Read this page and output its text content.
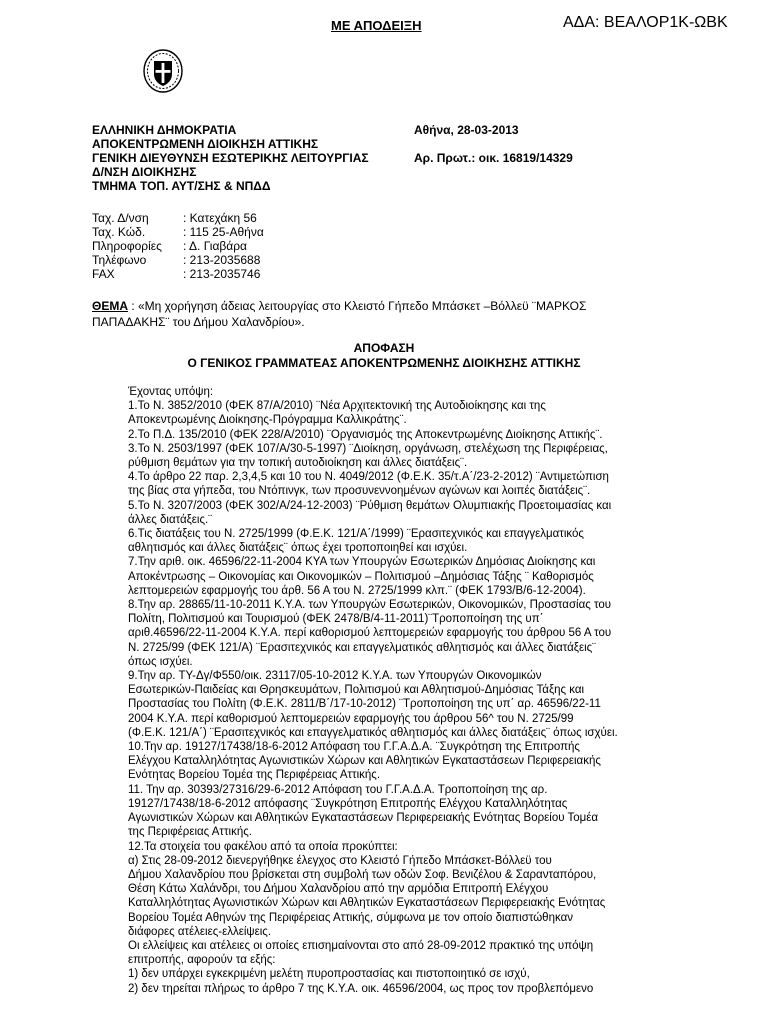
ΜΕ ΑΠΟΔΕΙΞΗ	ΑΔΑ: ΒΕΑΛΟΡ1Κ-ΩΒΚ
ΕΛΛΗΝΙΚΗ ΔΗΜΟΚΡΑΤΙΑ
ΑΠΟΚΕΝΤΡΩΜΕΝΗ ΔΙΟΙΚΗΣΗ ΑΤΤΙΚΗΣ
ΓΕΝΙΚΗ ΔΙΕΥΘΥΝΣΗ ΕΣΩΤΕΡΙΚΗΣ ΛΕΙΤΟΥΡΓΙΑΣ
Δ/ΝΣΗ ΔΙΟΙΚΗΣΗΣ
ΤΜΗΜΑ ΤΟΠ. ΑΥΤ/ΣΗΣ & ΝΠΔΔ
Αθήνα, 28-03-2013
Αρ. Πρωτ.: οικ. 16819/14329
Ταχ. Δ/νση
Ταχ. Κώδ.
Πληροφορίες
Τηλέφωνο
FAX
: Κατεχάκη 56
: 115 25-Αθήνα
: Δ. Γιαβάρα
: 213-2035688
: 213-2035746
ΘΕΜΑ : «Μη χορήγηση άδειας λειτουργίας στο Κλειστό Γήπεδο Μπάσκετ –Βόλλεϋ ¨ΜΑΡΚΟΣ
ΠΑΠΑΔΑΚΗΣ¨ του Δήμου Χαλανδρίου».
ΑΠΟΦΑΣΗ
Ο ΓΕΝΙΚΟΣ ΓΡΑΜΜΑΤΕΑΣ ΑΠΟΚΕΝΤΡΩΜΕΝΗΣ ΔΙΟΙΚΗΣΗΣ ΑΤΤΙΚΗΣ
Έχοντας υπόψη:
1.Το Ν. 3852/2010 (ΦΕΚ 87/Α/2010) ¨Νέα Αρχιτεκτονική της Αυτοδιοίκησης και της
Αποκεντρωμένης Διοίκησης-Πρόγραμμα Καλλικράτης¨.
2.Το Π.Δ. 135/2010 (ΦΕΚ 228/Α/2010) ¨Οργανισμός της Αποκεντρωμένης Διοίκησης Αττικής¨.
3.Το Ν. 2503/1997 (ΦΕΚ 107/Α/30-5-1997) ¨Διοίκηση, οργάνωση, στελέχωση της Περιφέρειας,
ρύθμιση θεμάτων για την τοπική αυτοδιοίκηση και άλλες διατάξεις¨.
4.Το άρθρο 22 παρ. 2,3,4,5 και 10 του Ν. 4049/2012 (Φ.Ε.Κ. 35/τ.Α΄/23-2-2012) ¨Αντιμετώπιση
της βίας στα γήπεδα, του Ντόπινγκ, των προσυνεννοημένων αγώνων και λοιπές διατάξεις¨.
5.Το Ν. 3207/2003 (ΦΕΚ 302/Α/24-12-2003) ¨Ρύθμιση θεμάτων Ολυμπιακής Προετοιμασίας και
άλλες διατάξεις.¨
6.Τις διατάξεις του Ν. 2725/1999 (Φ.Ε.Κ. 121/Α΄/1999) ¨Ερασιτεχνικός και επαγγελματικός
αθλητισμός και άλλες διατάξεις¨ όπως έχει τροποποιηθεί και ισχύει.
7.Την αριθ. οικ. 46596/22-11-2004 ΚΥΑ των Υπουργών Εσωτερικών Δημόσιας Διοίκησης και
Αποκέντρωσης – Οικονομίας και Οικονομικών – Πολιτισμού –Δημόσιας Τάξης ¨ Καθορισμός
λεπτομερειών εφαρμογής του άρθ. 56 Α του Ν. 2725/1999 κλπ.¨ (ΦΕΚ 1793/Β/6-12-2004).
8.Την αρ. 28865/11-10-2011 Κ.Υ.Α. των Υπουργών Εσωτερικών, Οικονομικών, Προστασίας του
Πολίτη, Πολιτισμού και Τουρισμού (ΦΕΚ 2478/Β/4-11-2011)¨Τροποποίηση της υπ΄
αριθ.46596/22-11-2004 Κ.Υ.Α. περί καθορισμού λεπτομερειών εφαρμογής του άρθρου 56 Α του
Ν. 2725/99 (ΦΕΚ 121/Α) ¨Ερασιτεχνικός και επαγγελματικός αθλητισμός και άλλες διατάξεις¨
όπως ισχύει.
9.Την αρ. ΤΥ-Δγ/Φ550/οικ. 23117/05-10-2012 Κ.Υ.Α. των Υπουργών Οικονομικών
Εσωτερικών-Παιδείας και Θρησκευμάτων, Πολιτισμού και Αθλητισμού-Δημόσιας Τάξης και
Προστασίας του Πολίτη (Φ.Ε.Κ. 2811/Β΄/17-10-2012) ¨Τροποποίηση της υπ΄ αρ. 46596/22-11
2004 Κ.Υ.Α. περί καθορισμού λεπτομερειών εφαρμογής του άρθρου 56^ του Ν. 2725/99
(Φ.Ε.Κ. 121/Α΄) ¨Ερασιτεχνικός και επαγγελματικός αθλητισμός και άλλες διατάξεις¨ όπως ισχύει.
10.Την αρ. 19127/17438/18-6-2012 Απόφαση του Γ.Γ.Α.Δ.Α. ¨Συγκρότηση της Επιτροπής
Ελέγχου Καταλληλότητας Αγωνιστικών Χώρων και Αθλητικών Εγκαταστάσεων Περιφερειακής
Ενότητας Βορείου Τομέα της Περιφέρειας Αττικής.
11. Την αρ. 30393/27316/29-6-2012 Απόφαση του Γ.Γ.Α.Δ.Α. Τροποποίηση της αρ.
19127/17438/18-6-2012 απόφασης ¨Συγκρότηση Επιτροπής Ελέγχου Καταλληλότητας
Αγωνιστικών Χώρων και Αθλητικών Εγκαταστάσεων Περιφερειακής Ενότητας Βορείου Τομέα
της Περιφέρειας Αττικής.
12.Τα στοιχεία του φακέλου από τα οποία προκύπτει:
α) Στις 28-09-2012 διενεργήθηκε έλεγχος στο Κλειστό Γήπεδο Μπάσκετ-Βόλλεϋ του
Δήμου Χαλανδρίου που βρίσκεται στη συμβολή των οδών Σοφ. Βενιζέλου & Σαρανταπόρου,
Θέση Κάτω Χαλάνδρι, του Δήμου Χαλανδρίου από την αρμόδια Επιτροπή Ελέγχου
Καταλληλότητας Αγωνιστικών Χώρων και Αθλητικών Εγκαταστάσεων Περιφερειακής Ενότητας
Βορείου Τομέα Αθηνών της Περιφέρειας Αττικής, σύμφωνα με τον οποίο διαπιστώθηκαν
διάφορες ατέλειες-ελλείψεις.
Οι ελλείψεις και ατέλειες οι οποίες επισημαίνονται στο από 28-09-2012 πρακτικό της υπόψη
επιτροπής, αφορούν τα εξής:
1) δεν υπάρχει εγκεκριμένη μελέτη πυροπροστασίας και πιστοποιητικό σε ισχύ,
2) δεν τηρείται πλήρως το άρθρο 7 της Κ.Υ.Α. οικ. 46596/2004, ως προς τον προβλεπόμενο
